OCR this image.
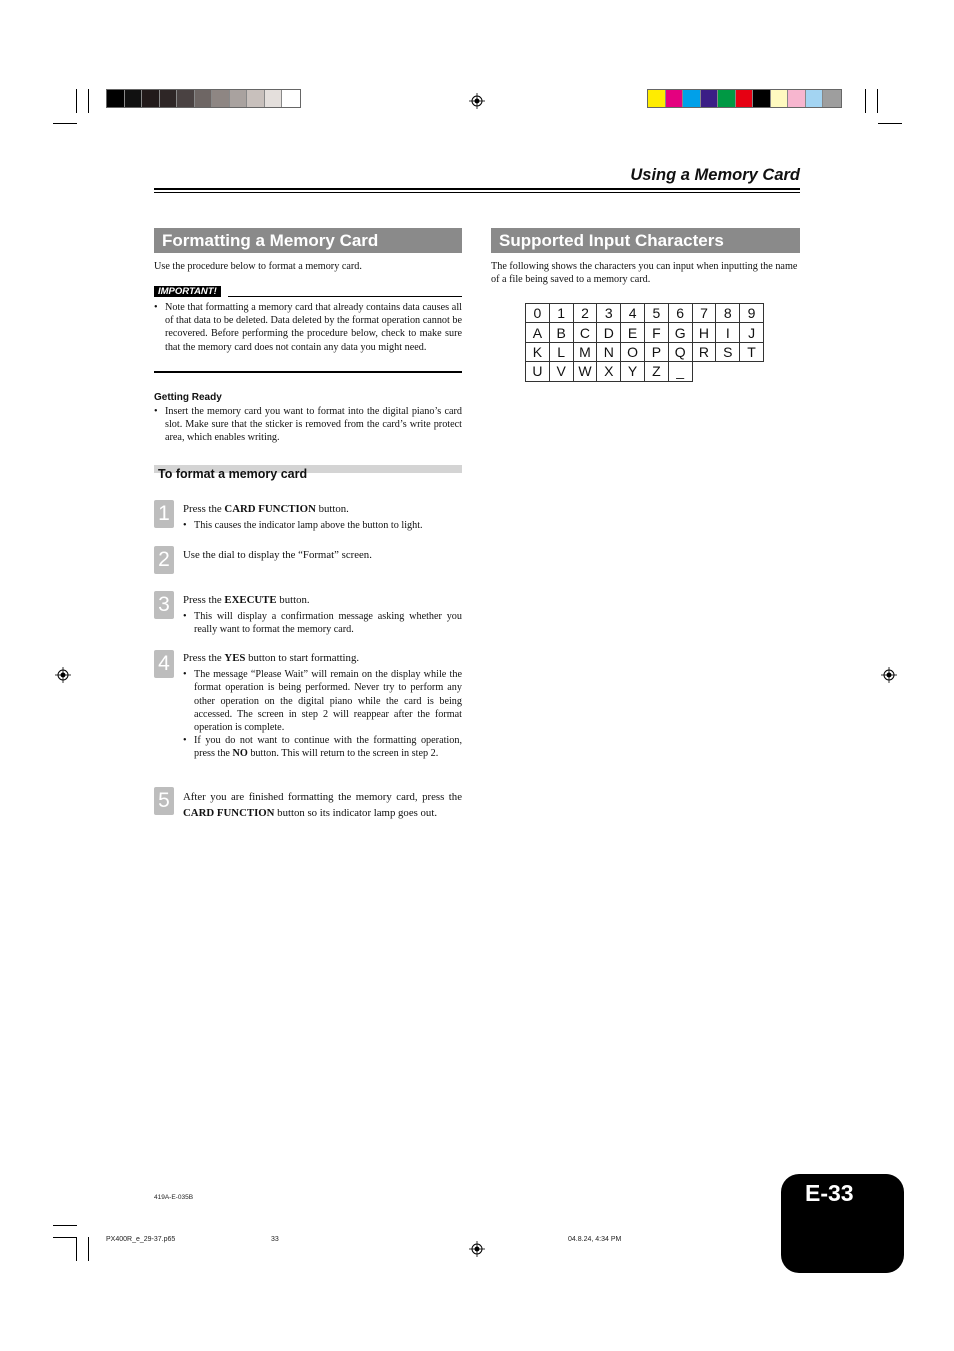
Using a Memory Card
Formatting a Memory Card
Use the procedure below to format a memory card.
IMPORTANT!
• Note that formatting a memory card that already contains data causes all of that data to be deleted. Data deleted by the format operation cannot be recovered. Before performing the procedure below, check to make sure that the memory card does not contain any data you might need.
Getting Ready
• Insert the memory card you want to format into the digital piano’s card slot. Make sure that the sticker is removed from the card’s write protect area, which enables writing.
To format a memory card
1	Press the CARD FUNCTION button.
• This causes the indicator lamp above the button to light.
2	Use the dial to display the “Format” screen.
3	Press the EXECUTE button.
• This will display a confirmation message asking whether you really want to format the memory card.
4	Press the YES button to start formatting.
• The message “Please Wait” will remain on the display while the format operation is being performed. Never try to perform any other operation on the digital piano while the card is being accessed. The screen in step 2 will reappear after the format operation is complete.
• If you do not want to continue with the formatting operation, press the NO button. This will return to the screen in step 2.
5	After you are finished formatting the memory card, press the CARD FUNCTION button so its indicator lamp goes out.
Supported Input Characters
The following shows the characters you can input when inputting the name of a file being saved to a memory card.
0	1	2	3	4	5	6	7	8	9
A	B	C	D	E	F	G	H	I	J
K	L	M	N	O	P	Q	R	S	T
U	V	W	X	Y	Z	_			
419A-E-035B
PX400R_e_29-37.p65	33	04.8.24, 4:34 PM
E-33
